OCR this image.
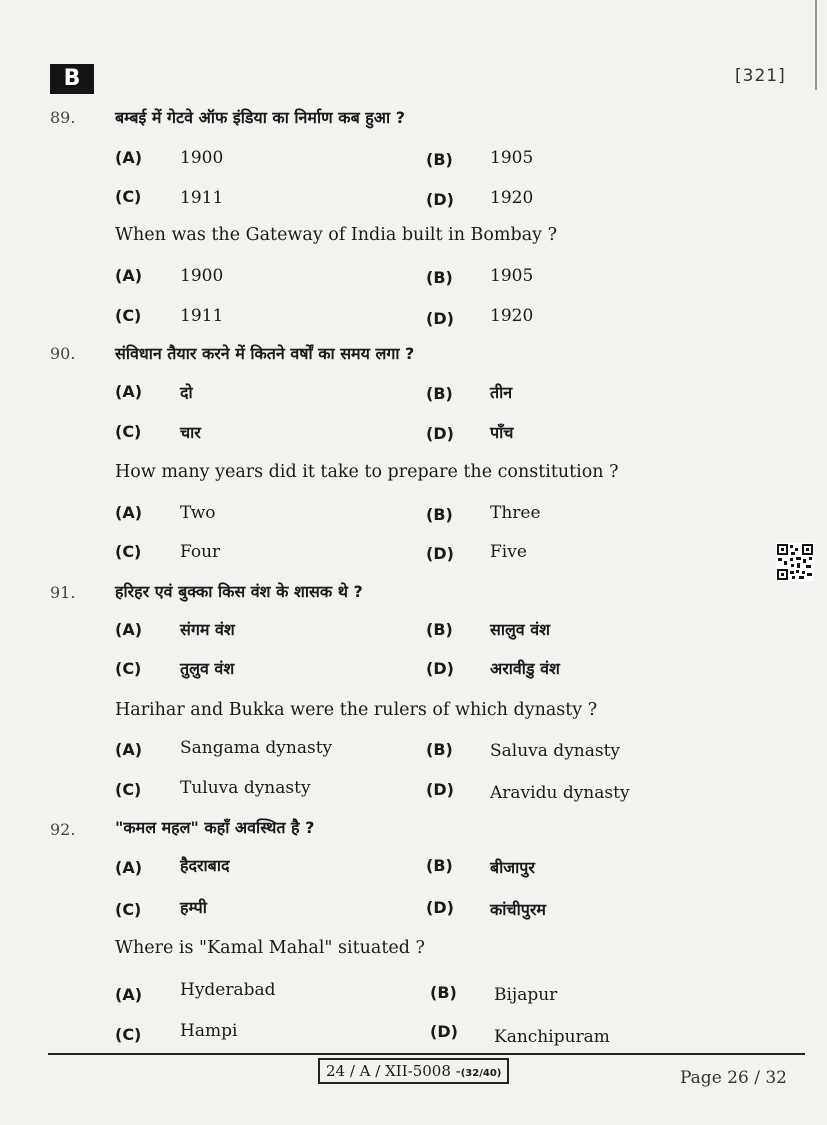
B	[321]
89. बम्बई में गेटवे ऑफ इंडिया का निर्माण कब हुआ ?
(A) 1900	(B) 1905
(C) 1911	(D) 1920
When was the Gateway of India built in Bombay ?
(A) 1900	(B) 1905
(C) 1911	(D) 1920
90. संविधान तैयार करने में कितने वर्षों का समय लगा ?
(A) दो	(B) तीन
(C) चार	(D) पाँच
How many years did it take to prepare the constitution ?
(A) Two	(B) Three
(C) Four	(D) Five
91. हरिहर एवं बुक्का किस वंश के शासक थे ?
(A) संगम वंश	(B) सालुव वंश
(C) तुलुव वंश	(D) अरावीडु वंश
Harihar and Bukka were the rulers of which dynasty ?
(A) Sangama dynasty	(B) Saluva dynasty
(C) Tuluva dynasty	(D) Aravidu dynasty
92. "कमल महल" कहाँ अवस्थित है ?
(A) हैदराबाद	(B) बीजापुर
(C) हम्पी	(D) कांचीपुरम
Where is "Kamal Mahal" situated ?
(A) Hyderabad	(B) Bijapur
(C) Hampi	(D) Kanchipuram
24 / A / XII-5008 -(32/40)	Page 26 / 32
